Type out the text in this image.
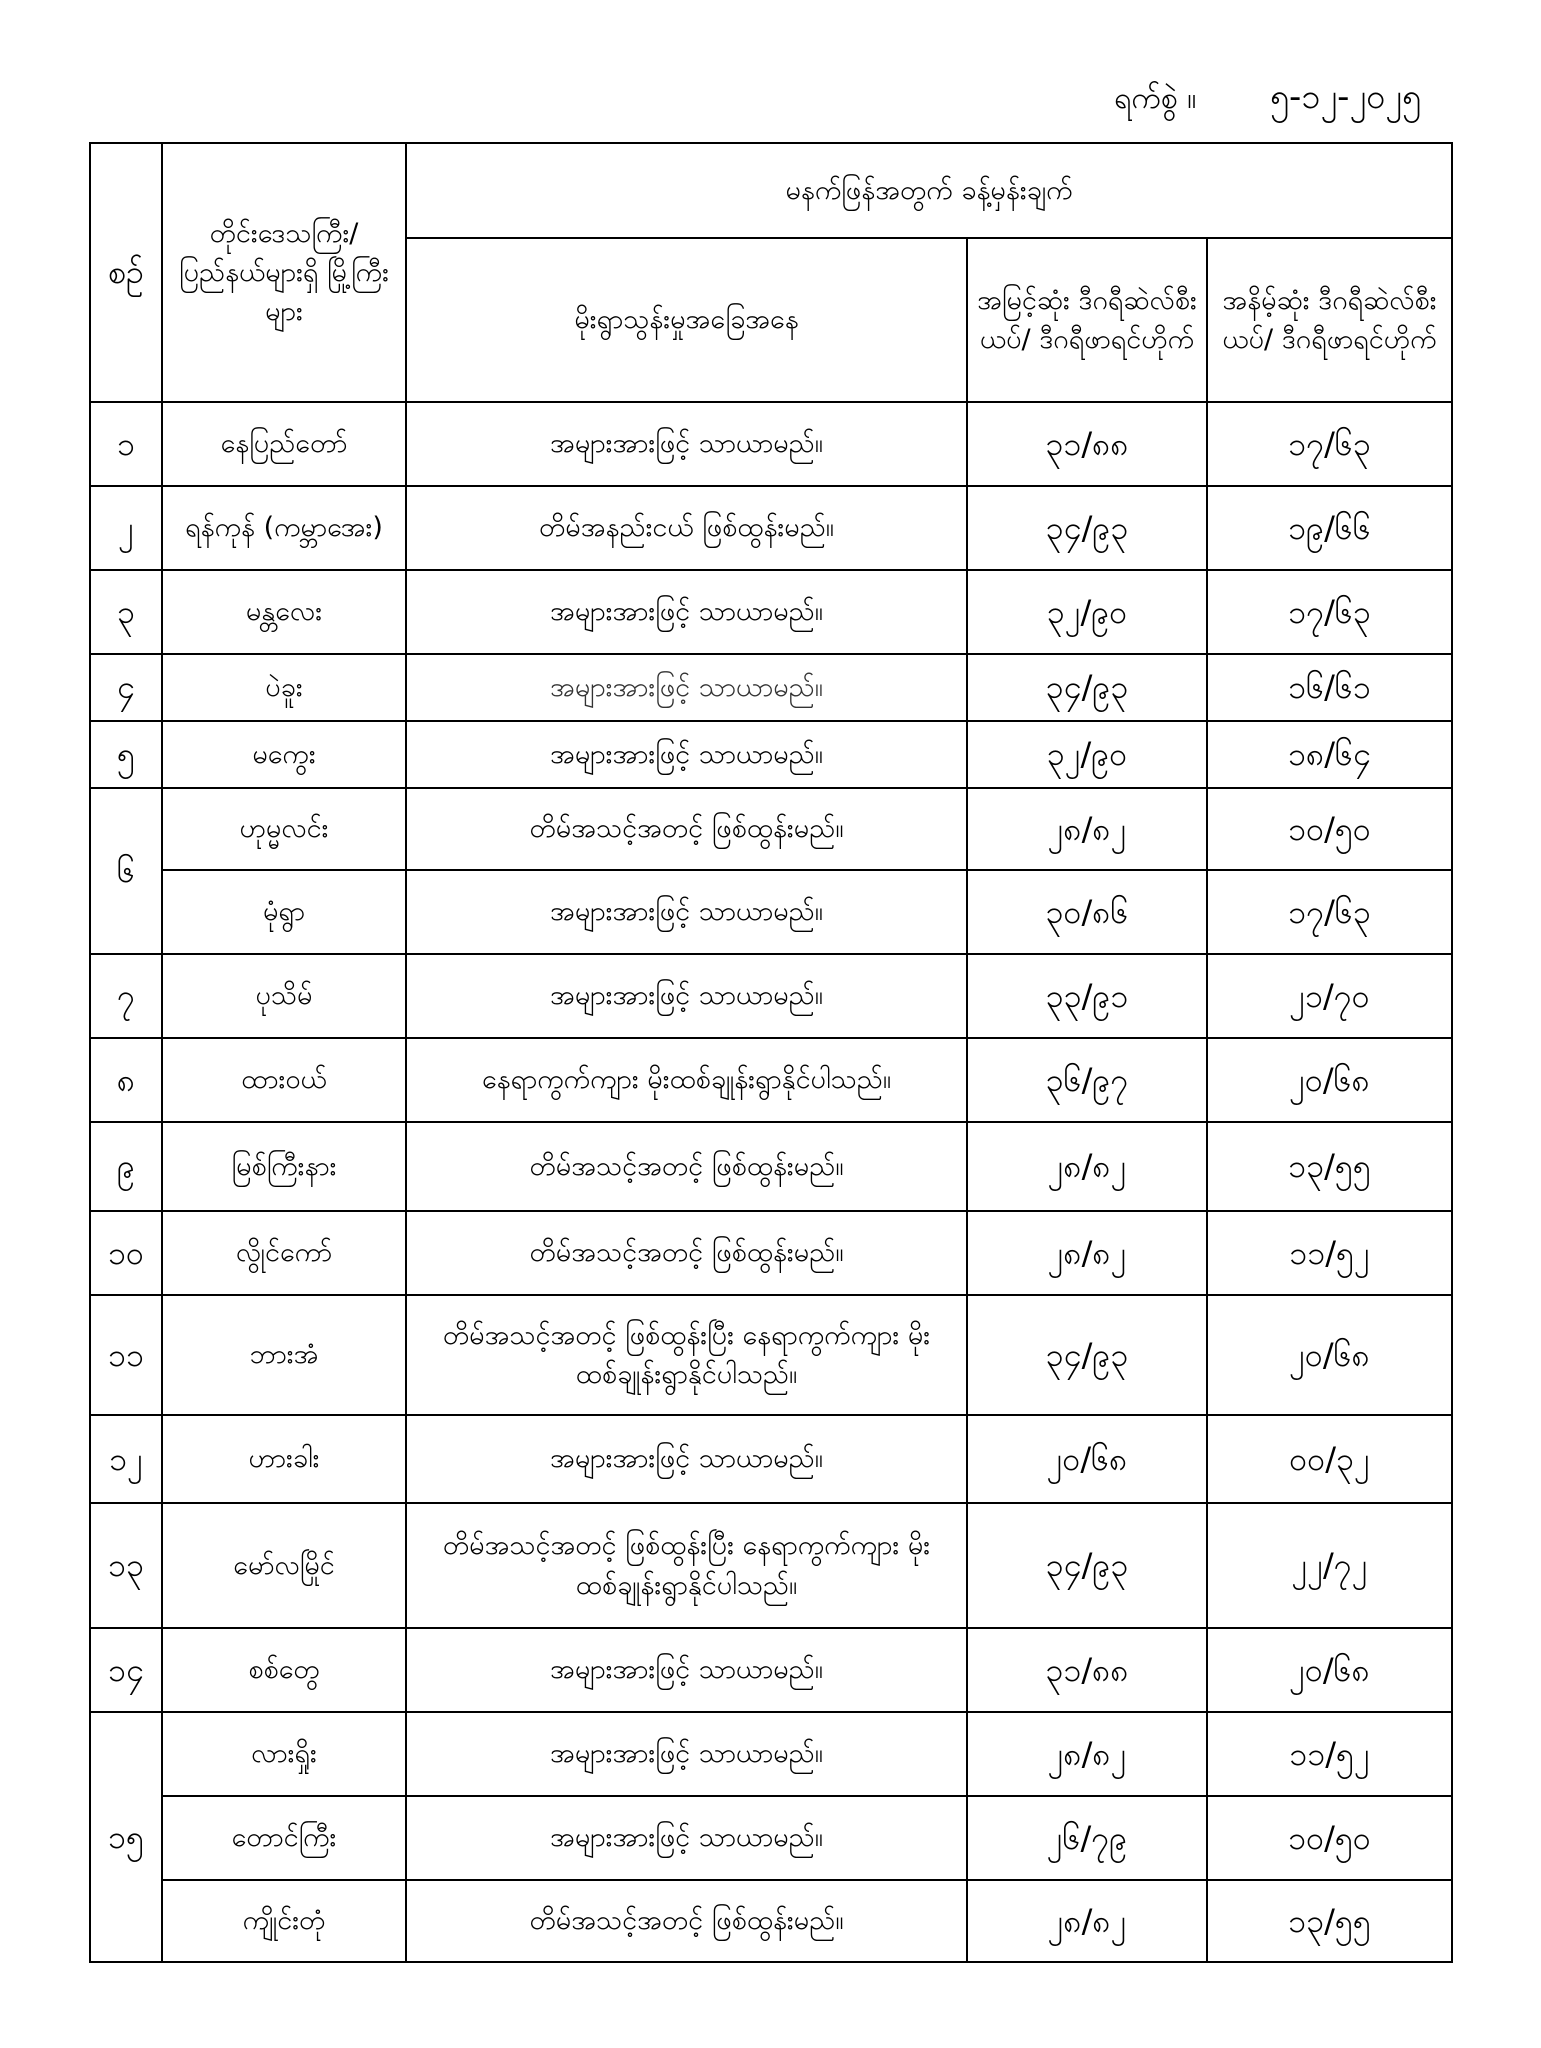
ရက်စွဲ ။ ၅-၁၂-၂၀၂၅
စဉ်	တိုင်းဒေသကြီး/ ပြည်နယ်များရှိ မြို့ကြီးများ	မနက်ဖြန်အတွက် ခန့်မှန်းချက်		
		မိုးရွာသွန်းမှုအခြေအနေ	အမြင့်ဆုံး ဒီဂရီဆဲလ်စီးယပ်/ ဒီဂရီဖာရင်ဟိုက်	အနိမ့်ဆုံး ဒီဂရီဆဲလ်စီးယပ်/ ဒီဂရီဖာရင်ဟိုက်
၁	နေပြည်တော်	အများအားဖြင့် သာယာမည်။	၃၁/၈၈	၁၇/၆၃
၂	ရန်ကုန် (ကမ္ဘာအေး)	တိမ်အနည်းငယ် ဖြစ်ထွန်းမည်။	၃၄/၉၃	၁၉/၆၆
၃	မန္တလေး	အများအားဖြင့် သာယာမည်။	၃၂/၉၀	၁၇/၆၃
၄	ပဲခူး	အများအားဖြင့် သာယာမည်။	၃၄/၉၃	၁၆/၆၁
၅	မကွေး	အများအားဖြင့် သာယာမည်။	၃၂/၉၀	၁၈/၆၄
၆	ဟုမ္မလင်း	တိမ်အသင့်အတင့် ဖြစ်ထွန်းမည်။	၂၈/၈၂	၁၀/၅၀
	မုံရွာ	အများအားဖြင့် သာယာမည်။	၃၀/၈၆	၁၇/၆၃
၇	ပုသိမ်	အများအားဖြင့် သာယာမည်။	၃၃/၉၁	၂၁/၇၀
၈	ထားဝယ်	နေရာကွက်ကျား မိုးထစ်ချုန်းရွာနိုင်ပါသည်။	၃၆/၉၇	၂၀/၆၈
၉	မြစ်ကြီးနား	တိမ်အသင့်အတင့် ဖြစ်ထွန်းမည်။	၂၈/၈၂	၁၃/၅၅
၁၀	လွိုင်ကော်	တိမ်အသင့်အတင့် ဖြစ်ထွန်းမည်။	၂၈/၈၂	၁၁/၅၂
၁၁	ဘားအံ	တိမ်အသင့်အတင့် ဖြစ်ထွန်းပြီး နေရာကွက်ကျား မိုးထစ်ချုန်းရွာနိုင်ပါသည်။	၃၄/၉၃	၂၀/၆၈
၁၂	ဟားခါး	အများအားဖြင့် သာယာမည်။	၂၀/၆၈	၀၀/၃၂
၁၃	မော်လမြိုင်	တိမ်အသင့်အတင့် ဖြစ်ထွန်းပြီး နေရာကွက်ကျား မိုးထစ်ချုန်းရွာနိုင်ပါသည်။	၃၄/၉၃	၂၂/၇၂
၁၄	စစ်တွေ	အများအားဖြင့် သာယာမည်။	၃၁/၈၈	၂၀/၆၈
၁၅	လားရှိုး	အများအားဖြင့် သာယာမည်။	၂၈/၈၂	၁၁/၅၂
	တောင်ကြီး	အများအားဖြင့် သာယာမည်။	၂၆/၇၉	၁၀/၅၀
	ကျိုင်းတုံ	တိမ်အသင့်အတင့် ဖြစ်ထွန်းမည်။	၂၈/၈၂	၁၃/၅၅
